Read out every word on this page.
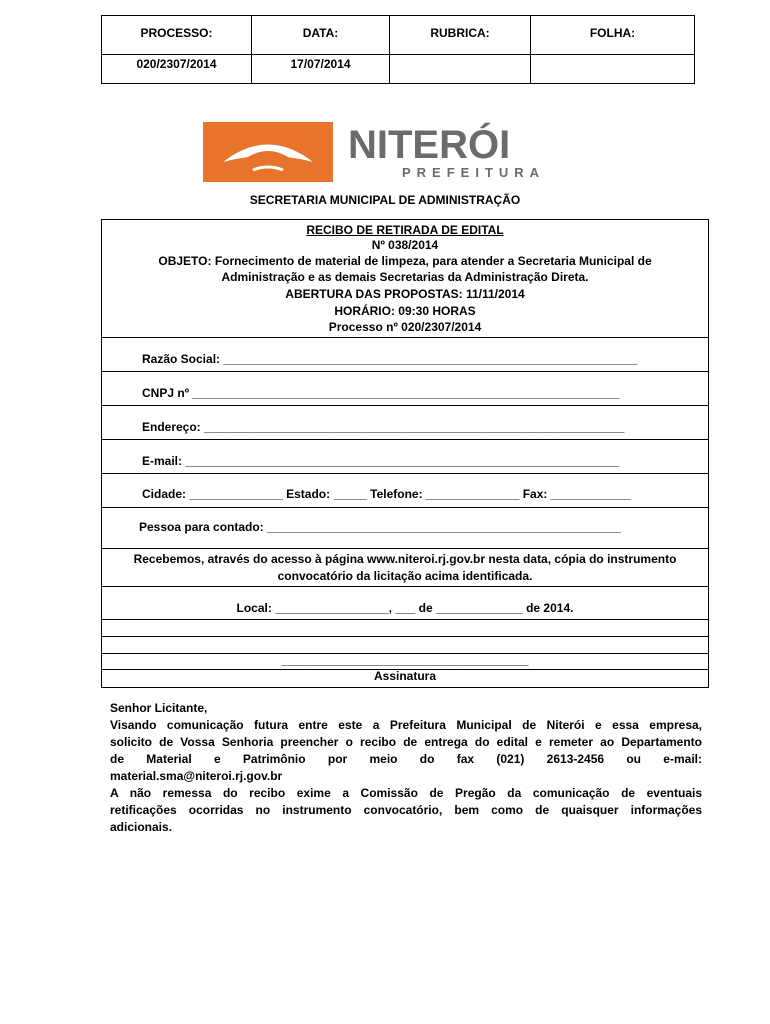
PROCESSO:	DATA:	RUBRICA:	FOLHA:
020/2307/2014	17/07/2014		
NITERÓI
PREFEITURA
SECRETARIA MUNICIPAL DE ADMINISTRAÇÃO
RECIBO DE RETIRADA DE EDITAL
Nº 038/2014
OBJETO: Fornecimento de material de limpeza, para atender a Secretaria Municipal de
Administração e as demais Secretarias da Administração Direta.
ABERTURA DAS PROPOSTAS: 11/11/2014
HORÁRIO: 09:30 HORAS
Processo nº 020/2307/2014
Razão Social: ______________________________________________________________
CNPJ nº ________________________________________________________________
Endereço: _______________________________________________________________
E-mail: _________________________________________________________________
Cidade: ______________ Estado: _____ Telefone: ______________ Fax: ____________
Pessoa para contado: _____________________________________________________
Recebemos, através do acesso à página www.niteroi.rj.gov.br nesta data, cópia do instrumento
convocatório da licitação acima identificada.
Local: _________________, ___ de _____________ de 2014.
_____________________________________
Assinatura

Senhor Licitante,

Visando comunicação futura entre este a Prefeitura Municipal de Niterói e essa empresa,

solicito de Vossa Senhoria preencher o recibo de entrega do edital e remeter ao Departamento

de Material e Patrimônio por meio do fax (021) 2613-2456 ou e-mail:

material.sma@niteroi.rj.gov.br

A não remessa do recibo exime a Comissão de Pregão da comunicação de eventuais

retificações ocorridas no instrumento convocatório, bem como de quaisquer informações

adicionais.
